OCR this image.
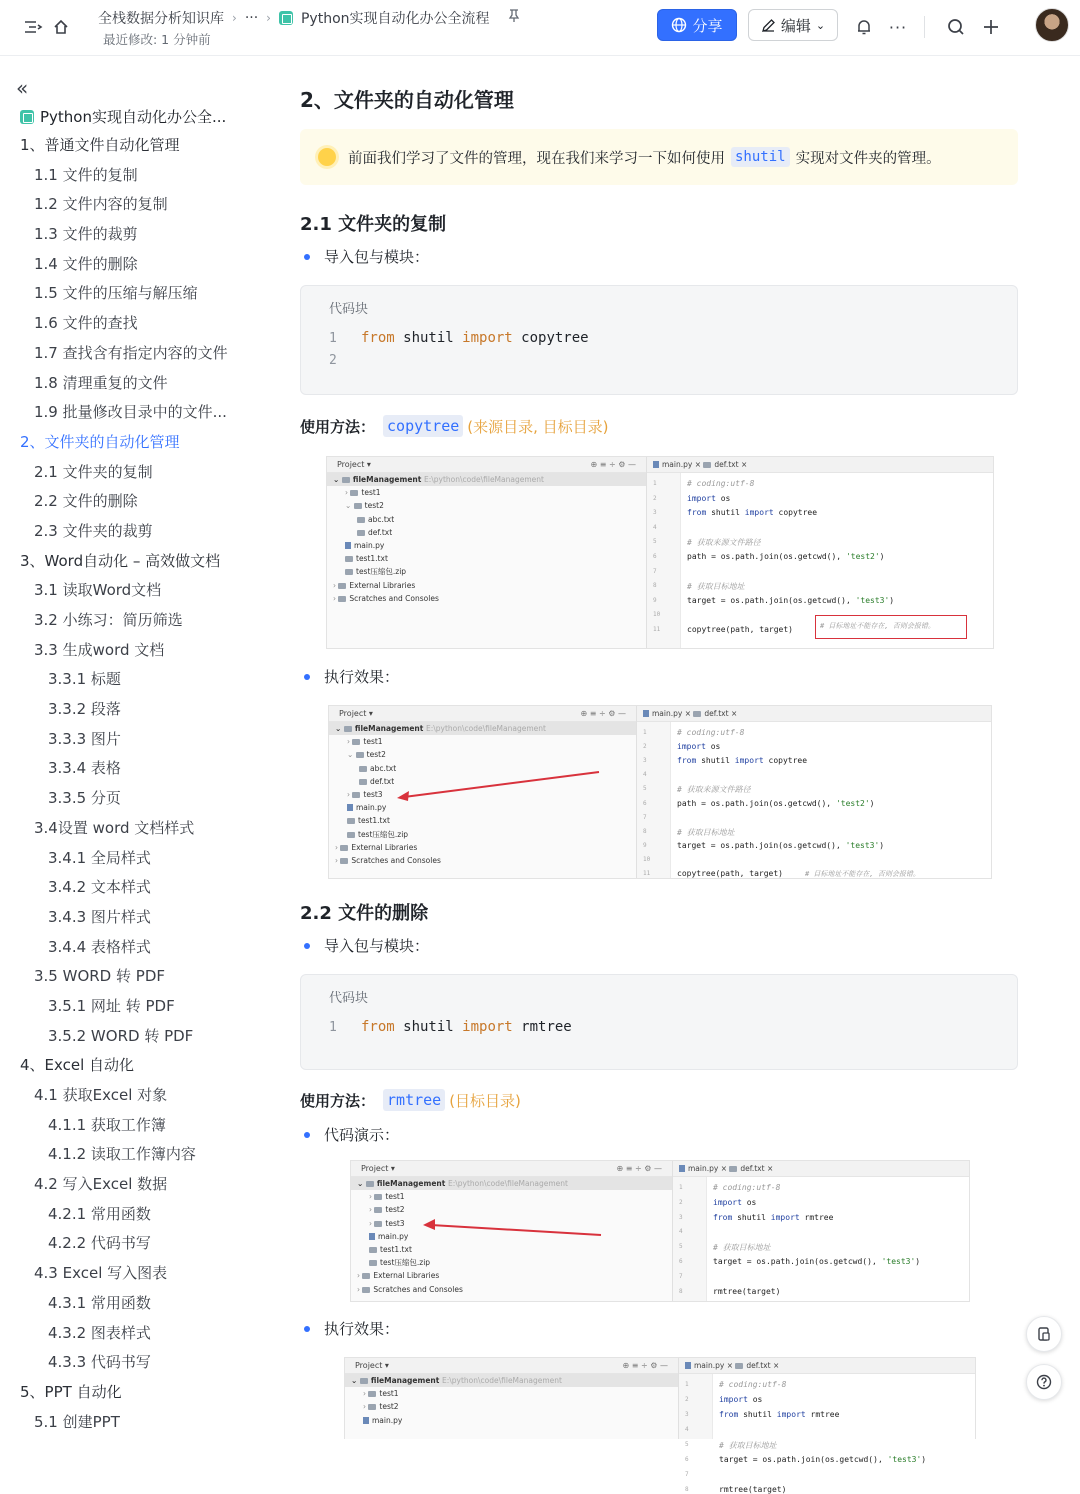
全栈数据分析知识库 › ··· › Python实现自动化办公全流程
最近修改: 1 分钟前
分享	编辑 ⌄	···
«
Python实现自动化办公全...
1、普通文件自动化管理
1.1 文件的复制
1.2 文件内容的复制
1.3 文件的裁剪
1.4 文件的删除
1.5 文件的压缩与解压缩
1.6 文件的查找
1.7 查找含有指定内容的文件
1.8 清理重复的文件
1.9 批量修改目录中的文件...
2、文件夹的自动化管理
2.1 文件夹的复制
2.2 文件的删除
2.3 文件夹的裁剪
3、Word自动化 – 高效做文档
3.1 读取Word文档
3.2 小练习：简历筛选
3.3 生成word 文档
3.3.1 标题
3.3.2 段落
3.3.3 图片
3.3.4 表格
3.3.5 分页
3.4设置 word 文档样式
3.4.1 全局样式
3.4.2 文本样式
3.4.3 图片样式
3.4.4 表格样式
3.5 WORD 转 PDF
3.5.1 网址 转 PDF
3.5.2 WORD 转 PDF
4、Excel 自动化
4.1 获取Excel 对象
4.1.1 获取工作簿
4.1.2 读取工作簿内容
4.2 写入Excel 数据
4.2.1 常用函数
4.2.2 代码书写
4.3 Excel 写入图表
4.3.1 常用函数
4.3.2 图表样式
4.3.3 代码书写
5、PPT 自动化
5.1 创建PPT
2、文件夹的自动化管理
前面我们学习了文件的管理，现在我们来学习一下如何使用 shutil 实现对文件夹的管理。
2.1 文件夹的复制
导入包与模块：
代码块
1 from shutil import copytree
2
使用方法： copytree (来源目录, 目标目录)
Project ▾	⊕ ≡ ÷ ⚙ —
⌄ fileManagement E:\python\code\fileManagement
› test1
⌄ test2
abc.txt
def.txt
main.py
test1.txt
test压缩包.zip
› External Libraries
› Scratches and Consoles
main.py × def.txt ×
1	# coding:utf-8
2	import os
3	from shutil import copytree
4
5	# 获取来源文件路径
6	path = os.path.join(os.getcwd(), 'test2')
7
8	# 获取目标地址
9	target = os.path.join(os.getcwd(), 'test3')
10
11	copytree(path, target)	# 目标地址不能存在, 否则会报错。
执行效果：
Project ▾	⊕ ≡ ÷ ⚙ —
⌄ fileManagement E:\python\code\fileManagement
› test1
⌄ test2
abc.txt
def.txt
› test3
main.py
test1.txt
test压缩包.zip
› External Libraries
› Scratches and Consoles
main.py × def.txt ×
1	# coding:utf-8
2	import os
3	from shutil import copytree
4
5	# 获取来源文件路径
6	path = os.path.join(os.getcwd(), 'test2')
7
8	# 获取目标地址
9	target = os.path.join(os.getcwd(), 'test3')
10
11	copytree(path, target)	# 目标地址不能存在, 否则会报错。
2.2 文件的删除
导入包与模块：
代码块
1 from shutil import rmtree
使用方法： rmtree (目标目录)
代码演示：
Project ▾	⊕ ≡ ÷ ⚙ —
⌄ fileManagement E:\python\code\fileManagement
› test1
› test2
› test3
main.py
test1.txt
test压缩包.zip
› External Libraries
› Scratches and Consoles
main.py × def.txt ×
1	# coding:utf-8
2	import os
3	from shutil import rmtree
4
5	# 获取目标地址
6	target = os.path.join(os.getcwd(), 'test3')
7
8	rmtree(target)
执行效果：
Project ▾	⊕ ≡ ÷ ⚙ —
⌄ fileManagement E:\python\code\fileManagement
› test1
› test2
main.py
main.py × def.txt ×
1	# coding:utf-8
2	import os
3	from shutil import rmtree
4
5	# 获取目标地址
6	target = os.path.join(os.getcwd(), 'test3')
7
8	rmtree(target)
